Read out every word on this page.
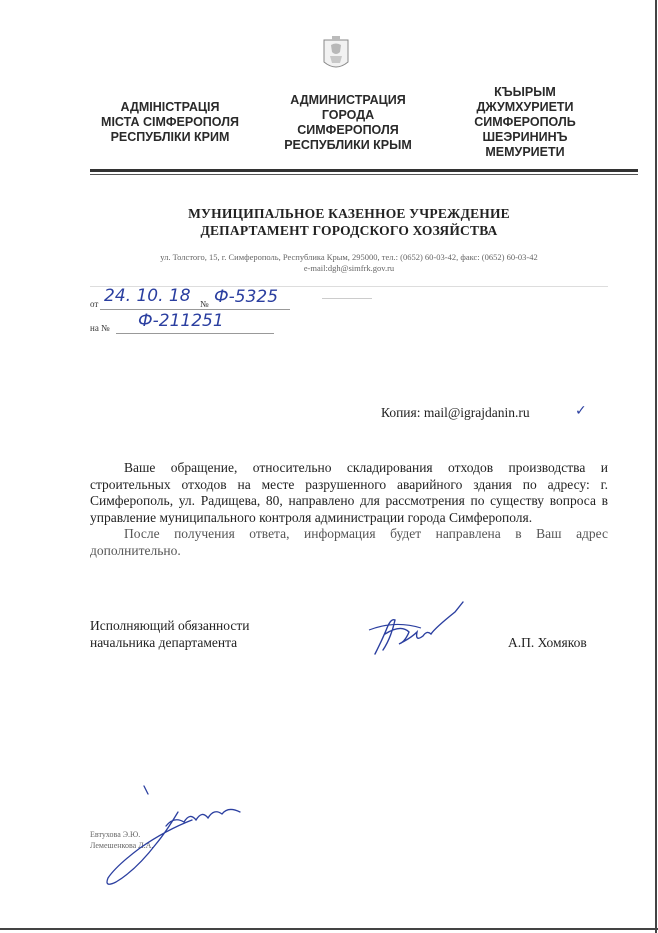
АДМІНІСТРАЦІЯ
МІСТА СІМФЕРОПОЛЯ
РЕСПУБЛІКИ КРИМ
АДМИНИСТРАЦИЯ
ГОРОДА
СИМФЕРОПОЛЯ
РЕСПУБЛИКИ КРЫМ
КЪЫРЫМ
ДЖУМХУРИЕТИ
СИМФЕРОПОЛЬ
ШЕЭРИНИНЪ
МЕМУРИЕТИ
МУНИЦИПАЛЬНОЕ КАЗЕННОЕ УЧРЕЖДЕНИЕ
ДЕПАРТАМЕНТ ГОРОДСКОГО ХОЗЯЙСТВА
ул. Толстого, 15, г. Симферополь, Республика Крым, 295000, тел.: (0652) 60-03-42, факс: (0652) 60-03-42
e-mail:dgh@simfrk.gov.ru
от 24. 10. 18 № Ф-5325
на № Ф-211251
Копия: mail@igrajdanin.ru	✓

Ваше обращение, относительно складирования отходов производства и строительных отходов на месте разрушенного аварийного здания по адресу: г. Симферополь, ул. Радищева, 80, направлено для рассмотрения по существу вопроса в управление муниципального контроля администрации города Симферополя.

После получения ответа, информация будет направлена в Ваш адрес дополнительно.

Исполняющий обязанности
начальника департамента	А.П. Хомяков
Евтухова Э.Ю.
Лемешенкова Л.А.
